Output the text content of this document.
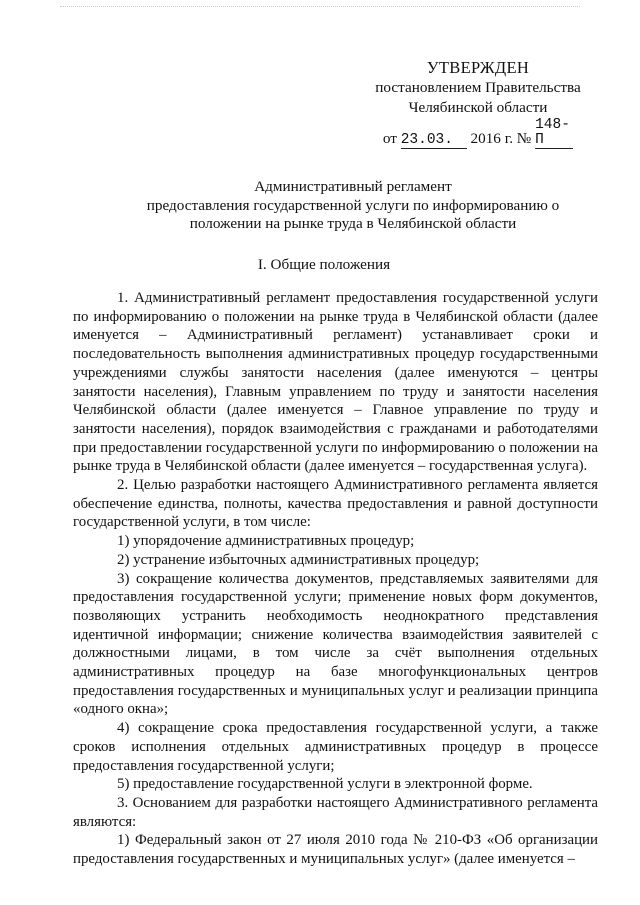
УТВЕРЖДЕН
постановлением Правительства
Челябинской области
от 23.03. 2016 г. № 148-П
Административный регламент
предоставления государственной услуги по информированию о
положении на рынке труда в Челябинской области
I. Общие положения

1. Административный регламент предоставления государственной услуги по информированию о положении на рынке труда в Челябинской области (далее именуется – Административный регламент) устанавливает сроки и последовательность выполнения административных процедур государственными учреждениями службы занятости населения (далее именуются – центры занятости населения), Главным управлением по труду и занятости населения Челябинской области (далее именуется – Главное управление по труду и занятости населения), порядок взаимодействия с гражданами и работодателями при предоставлении государственной услуги по информированию о положении на рынке труда в Челябинской области (далее именуется – государственная услуга).

2. Целью разработки настоящего Административного регламента является обеспечение единства, полноты, качества предоставления и равной доступности государственной услуги, в том числе:

1) упорядочение административных процедур;

2) устранение избыточных административных процедур;

3) сокращение количества документов, представляемых заявителями для предоставления государственной услуги; применение новых форм документов, позволяющих устранить необходимость неоднократного представления идентичной информации; снижение количества взаимодействия заявителей с должностными лицами, в том числе за счёт выполнения отдельных административных процедур на базе многофункциональных центров предоставления государственных и муниципальных услуг и реализации принципа «одного окна»;

4) сокращение срока предоставления государственной услуги, а также сроков исполнения отдельных административных процедур в процессе предоставления государственной услуги;

5) предоставление государственной услуги в электронной форме.

3. Основанием для разработки настоящего Административного регламента являются:

1) Федеральный закон от 27 июля 2010 года № 210-ФЗ «Об организации предоставления государственных и муниципальных услуг» (далее именуется –
